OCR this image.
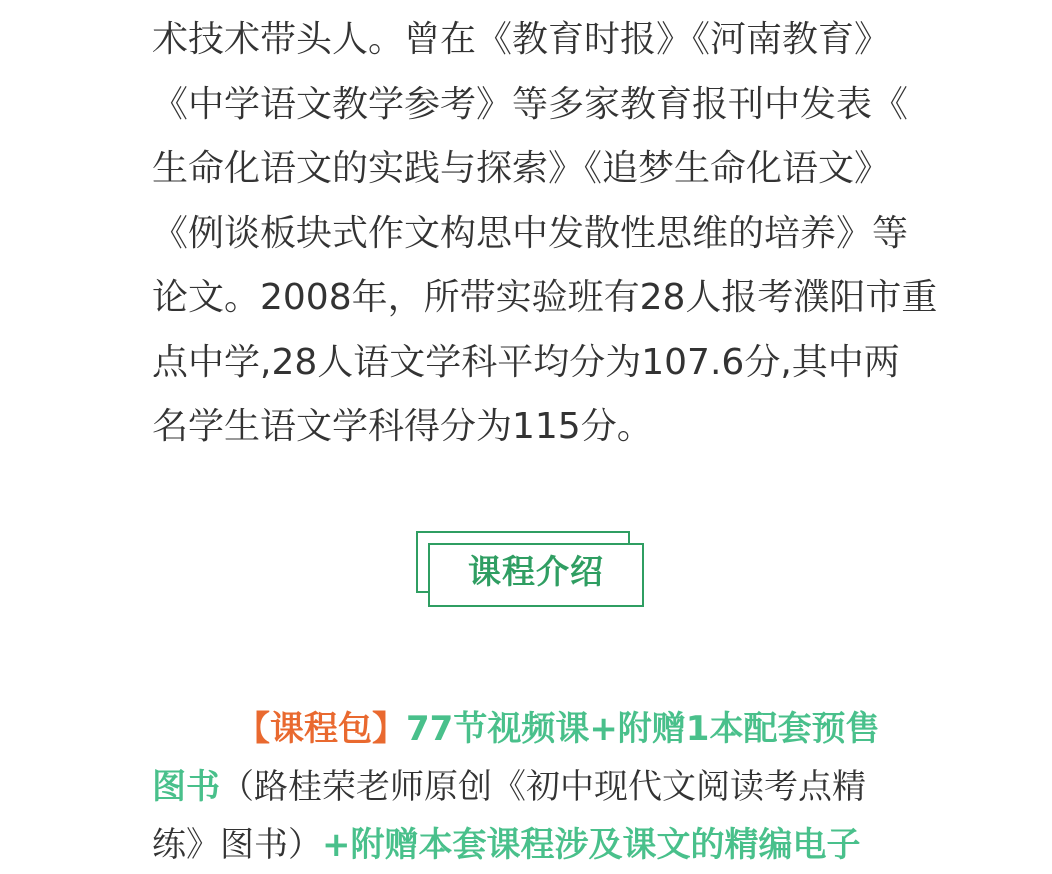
术技术带头人。曾在《教育时报》《河南教育》
《中学语文教学参考》等多家教育报刊中发表《
生命化语文的实践与探索》《追梦生命化语文》
《例谈板块式作文构思中发散性思维的培养》等
论文。2008年，所带实验班有28人报考濮阳市重
点中学,28人语文学科平均分为107.6分,其中两
名学生语文学科得分为115分。
课程介绍
【课程包】77节视频课+附赠1本配套预售
图书（路桂荣老师原创《初中现代文阅读考点精
练》图书）+附赠本套课程涉及课文的精编电子
